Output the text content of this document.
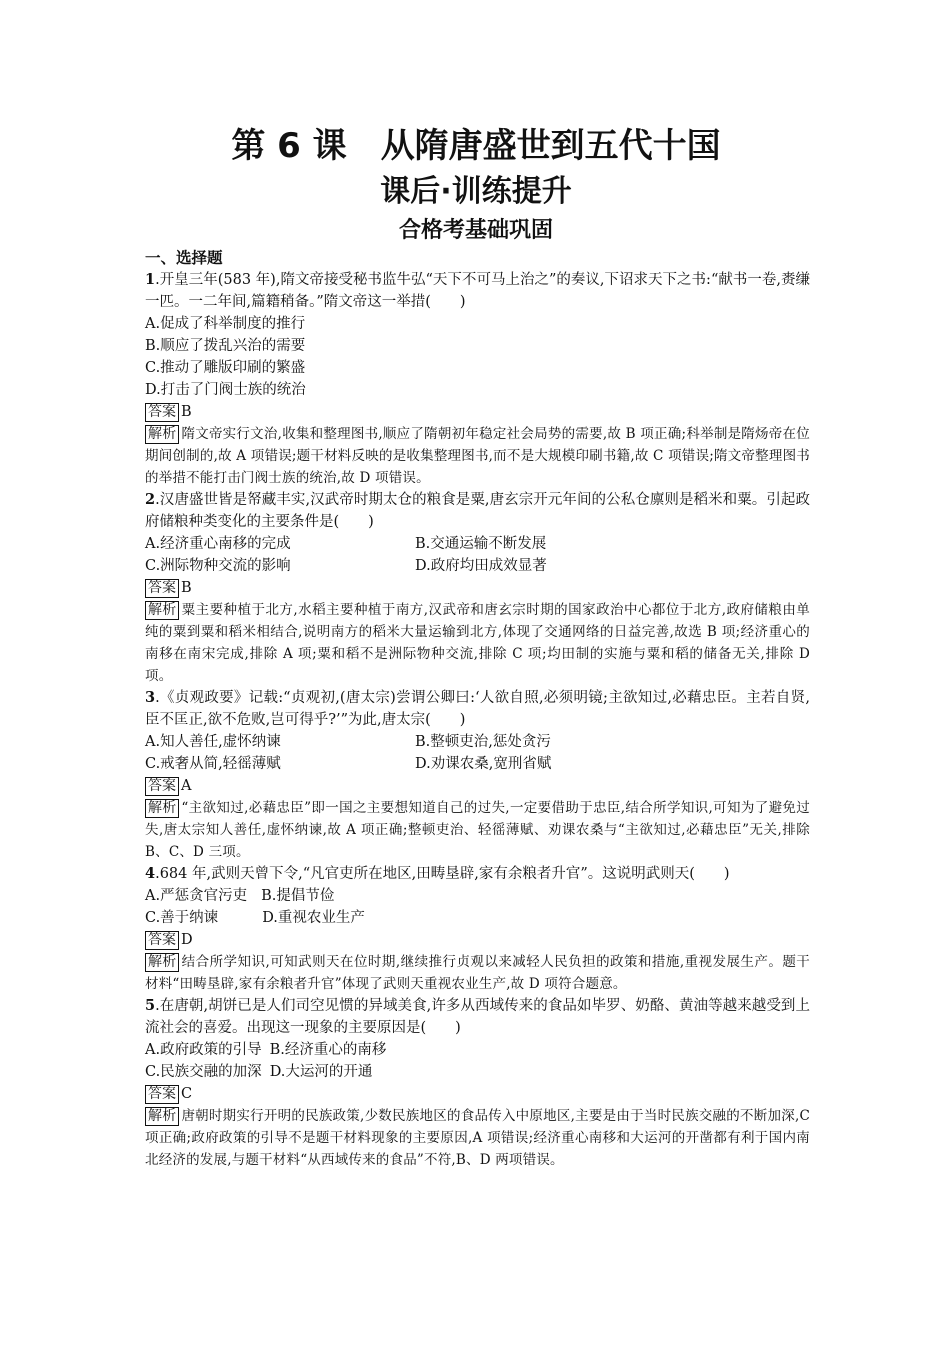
第 6 课　从隋唐盛世到五代十国
课后·训练提升
合格考基础巩固
一、选择题
1.开皇三年(583 年),隋文帝接受秘书监牛弘“天下不可马上治之”的奏议,下诏求天下之书:“献书一卷,赉缣一匹。一二年间,篇籍稍备。”隋文帝这一举措(　　)
A.促成了科举制度的推行
B.顺应了拨乱兴治的需要
C.推动了雕版印刷的繁盛
D.打击了门阀士族的统治
答案 B
解析 隋文帝实行文治,收集和整理图书,顺应了隋朝初年稳定社会局势的需要,故 B 项正确;科举制是隋炀帝在位期间创制的,故 A 项错误;题干材料反映的是收集整理图书,而不是大规模印刷书籍,故 C 项错误;隋文帝整理图书的举措不能打击门阀士族的统治,故 D 项错误。
2.汉唐盛世皆是帑藏丰实,汉武帝时期太仓的粮食是粟,唐玄宗开元年间的公私仓廪则是稻米和粟。引起政府储粮种类变化的主要条件是(　　)
A.经济重心南移的完成	B.交通运输不断发展
C.洲际物种交流的影响	D.政府均田成效显著
答案 B
解析 粟主要种植于北方,水稻主要种植于南方,汉武帝和唐玄宗时期的国家政治中心都位于北方,政府储粮由单纯的粟到粟和稻米相结合,说明南方的稻米大量运输到北方,体现了交通网络的日益完善,故选 B 项;经济重心的南移在南宋完成,排除 A 项;粟和稻不是洲际物种交流,排除 C 项;均田制的实施与粟和稻的储备无关,排除 D 项。
3.《贞观政要》记载:“贞观初,(唐太宗)尝谓公卿曰:‘人欲自照,必须明镜;主欲知过,必藉忠臣。主若自贤,臣不匡正,欲不危败,岂可得乎?’”为此,唐太宗(　　)
A.知人善任,虚怀纳谏	B.整顿吏治,惩处贪污
C.戒奢从简,轻徭薄赋	D.劝课农桑,宽刑省赋
答案 A
解析 “主欲知过,必藉忠臣”即一国之主要想知道自己的过失,一定要借助于忠臣,结合所学知识,可知为了避免过失,唐太宗知人善任,虚怀纳谏,故 A 项正确;整顿吏治、轻徭薄赋、劝课农桑与“主欲知过,必藉忠臣”无关,排除 B、C、D 三项。
4.684 年,武则天曾下令,“凡官吏所在地区,田畴垦辟,家有余粮者升官”。这说明武则天(　　)
A.严惩贪官污吏 B.提倡节俭
C.善于纳谏	D.重视农业生产
答案 D
解析 结合所学知识,可知武则天在位时期,继续推行贞观以来减轻人民负担的政策和措施,重视发展生产。题干材料“田畴垦辟,家有余粮者升官”体现了武则天重视农业生产,故 D 项符合题意。
5.在唐朝,胡饼已是人们司空见惯的异域美食,许多从西域传来的食品如毕罗、奶酪、黄油等越来越受到上流社会的喜爱。出现这一现象的主要原因是(　　)
A.政府政策的引导 B.经济重心的南移
C.民族交融的加深 D.大运河的开通
答案 C
解析 唐朝时期实行开明的民族政策,少数民族地区的食品传入中原地区,主要是由于当时民族交融的不断加深,C 项正确;政府政策的引导不是题干材料现象的主要原因,A 项错误;经济重心南移和大运河的开凿都有利于国内南北经济的发展,与题干材料“从西域传来的食品”不符,B、D 两项错误。
